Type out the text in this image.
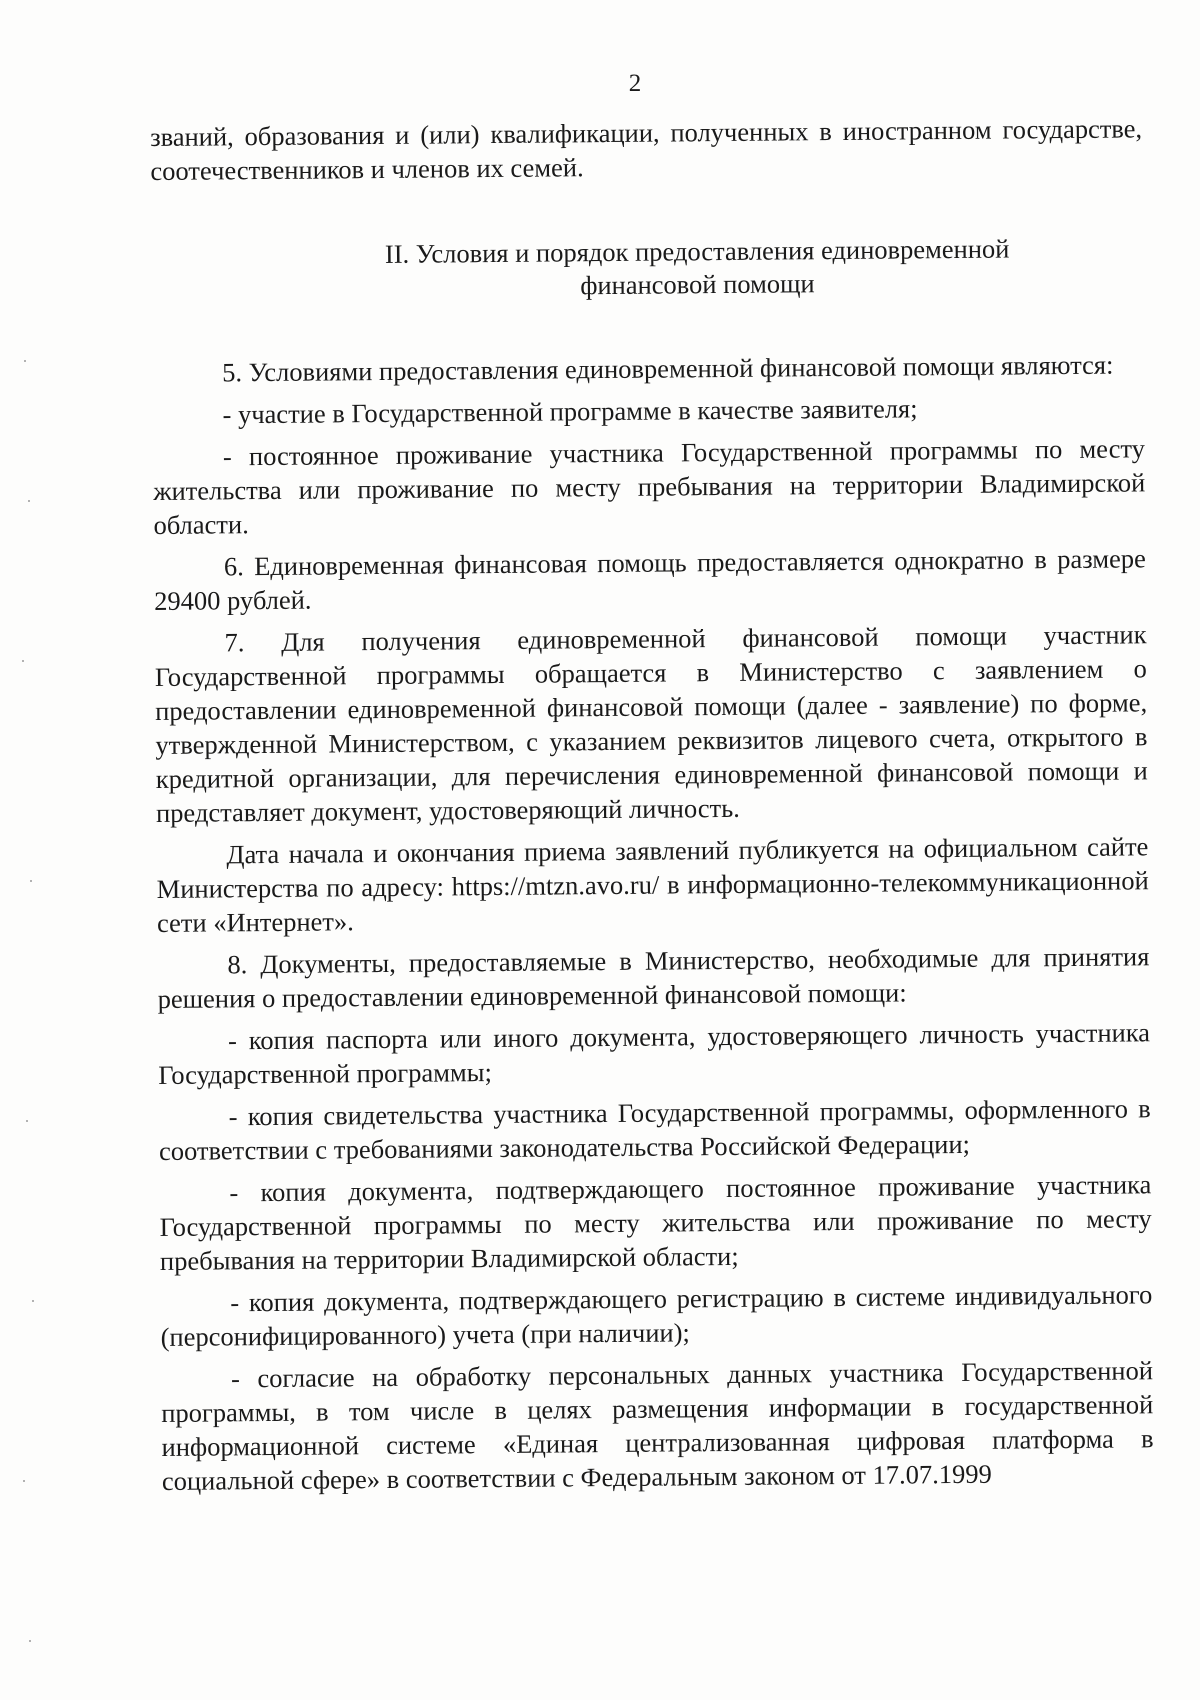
2

званий, образования и (или) квалификации, полученных в иностранном государстве, соотечественников и членов их семей.

II. Условия и порядок предоставления единовременной
финансовой помощи

5. Условиями предоставления единовременной финансовой помощи являются:

- участие в Государственной программе в качестве заявителя;

- постоянное проживание участника Государственной программы по месту жительства или проживание по месту пребывания на территории Владимирской области.

6. Единовременная финансовая помощь предоставляется однократно в размере 29400 рублей.

7. Для получения единовременной финансовой помощи участник Государственной программы обращается в Министерство с заявлением о предоставлении единовременной финансовой помощи (далее - заявление) по форме, утвержденной Министерством, с указанием реквизитов лицевого счета, открытого в кредитной организации, для перечисления единовременной финансовой помощи и представляет документ, удостоверяющий личность.

Дата начала и окончания приема заявлений публикуется на официальном сайте Министерства по адресу: https://mtzn.avo.ru/ в информационно-телекоммуникационной сети «Интернет».

8. Документы, предоставляемые в Министерство, необходимые для принятия решения о предоставлении единовременной финансовой помощи:

- копия паспорта или иного документа, удостоверяющего личность участника Государственной программы;

- копия свидетельства участника Государственной программы, оформленного в соответствии с требованиями законодательства Российской Федерации;

- копия документа, подтверждающего постоянное проживание участника Государственной программы по месту жительства или проживание по месту пребывания на территории Владимирской области;

- копия документа, подтверждающего регистрацию в системе индивидуального (персонифицированного) учета (при наличии);

- согласие на обработку персональных данных участника Государственной программы, в том числе в целях размещения информации в государственной информационной системе «Единая централизованная цифровая платформа в социальной сфере» в соответствии с Федеральным законом от 17.07.1999
